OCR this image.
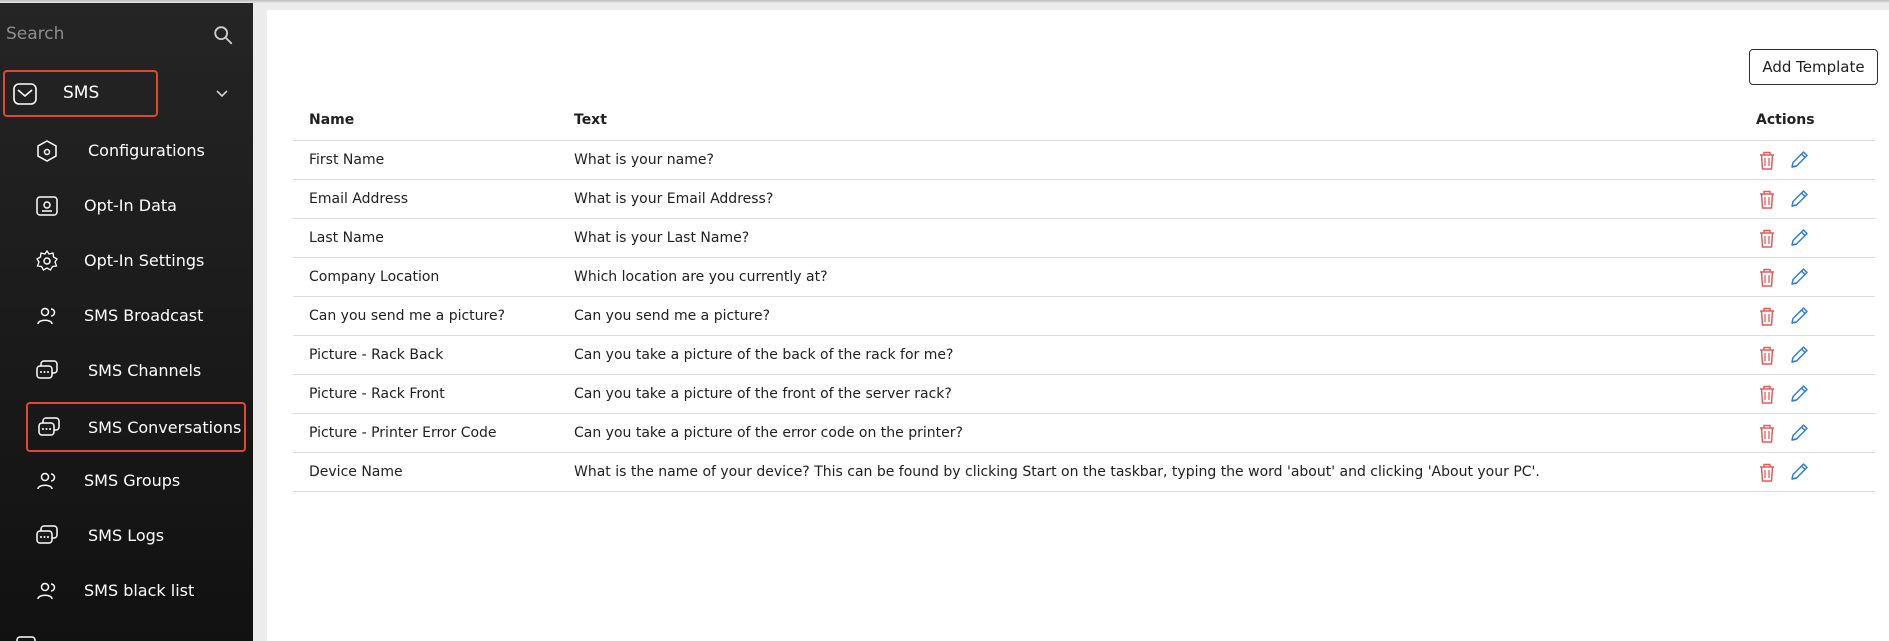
Search
SMS
Configurations
Opt-In Data
Opt-In Settings
SMS Broadcast
SMS Channels
SMS Conversations
SMS Groups
SMS Logs
SMS black list
Add Template
Name	Text	Actions
First Name	What is your name?	
Email Address	What is your Email Address?	
Last Name	What is your Last Name?	
Company Location	Which location are you currently at?	
Can you send me a picture?	Can you send me a picture?	
Picture - Rack Back	Can you take a picture of the back of the rack for me?	
Picture - Rack Front	Can you take a picture of the front of the server rack?	
Picture - Printer Error Code	Can you take a picture of the error code on the printer?	
Device Name	What is the name of your device? This can be found by clicking Start on the taskbar, typing the word 'about' and clicking 'About your PC'.	
